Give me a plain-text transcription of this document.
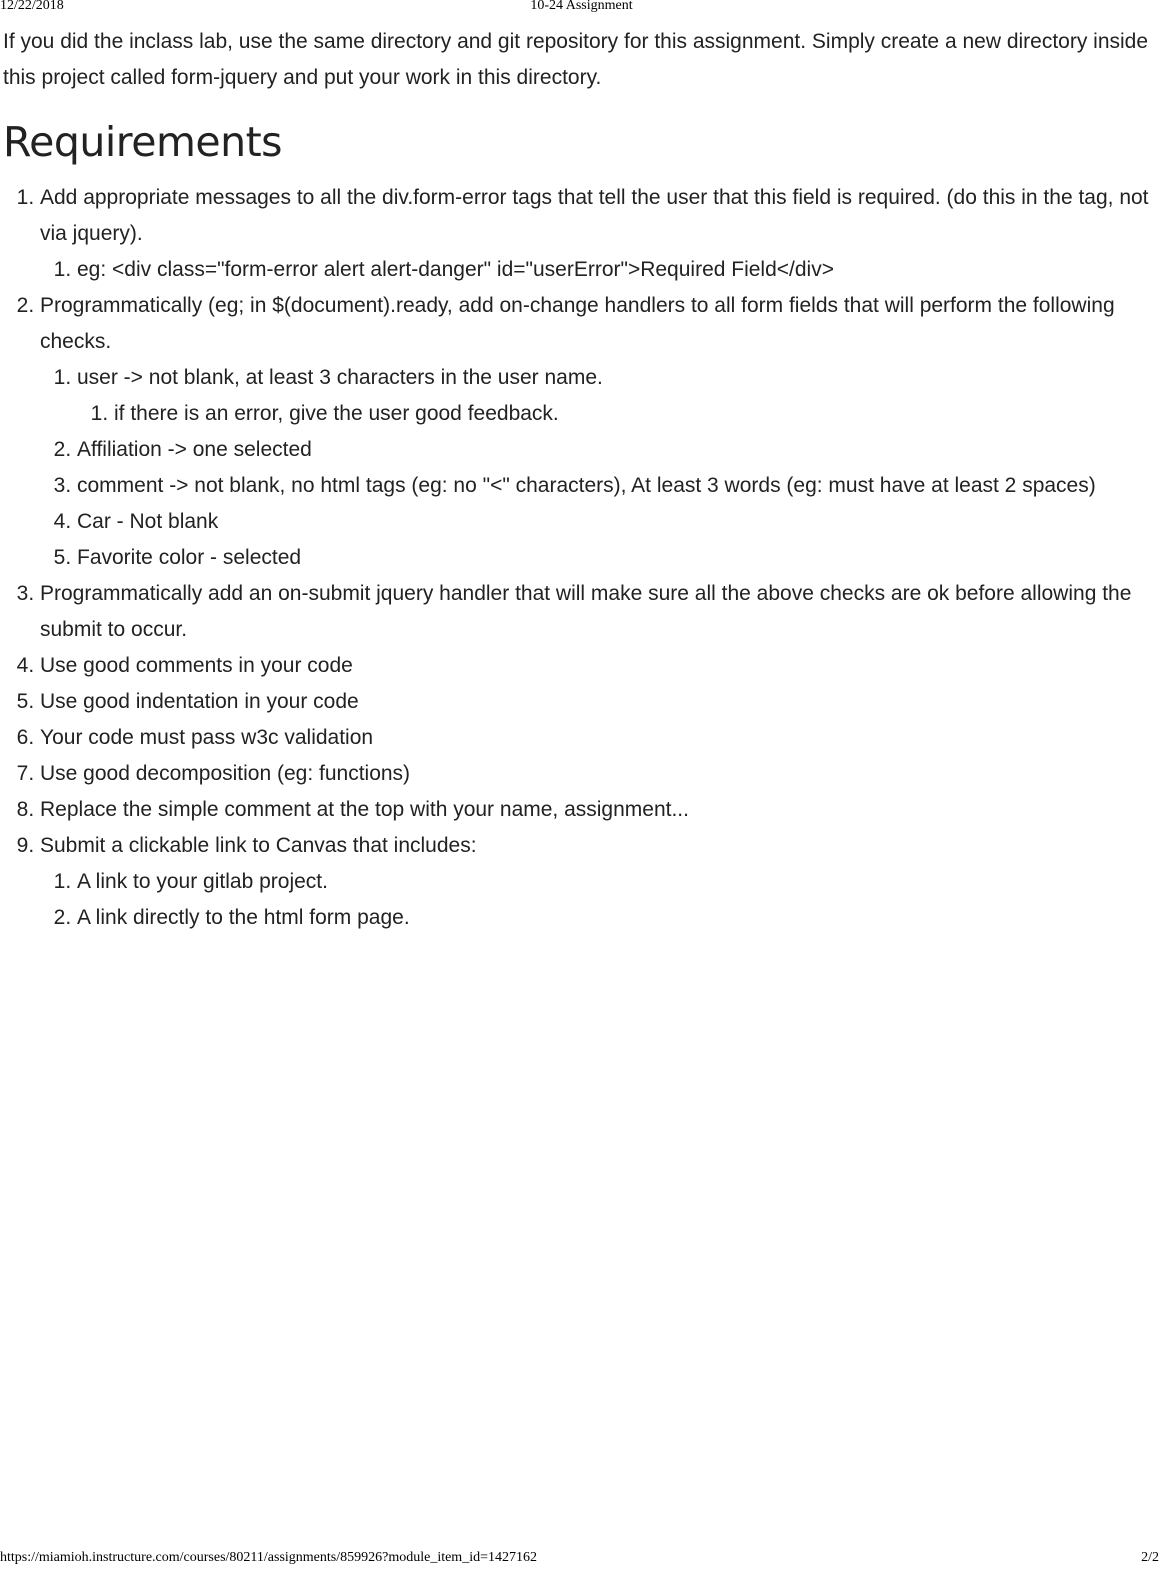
12/22/2018	10-24 Assignment

If you did the inclass lab, use the same directory and git repository for this assignment. Simply create a new directory inside this project called form-jquery and put your work in this directory.

Requirements
1. Add appropriate messages to all the div.form-error tags that tell the user that this field is required. (do this in the tag, not via jquery).
1. eg: <div class="form-error alert alert-danger" id="userError">Required Field</div>
2. Programmatically (eg; in $(document).ready, add on-change handlers to all form fields that will perform the following checks.
1. user -> not blank, at least 3 characters in the user name.
1. if there is an error, give the user good feedback.
2. Affiliation -> one selected
3. comment -> not blank, no html tags (eg: no "<" characters), At least 3 words (eg: must have at least 2 spaces)
4. Car - Not blank
5. Favorite color - selected
3. Programmatically add an on-submit jquery handler that will make sure all the above checks are ok before allowing the submit to occur.
4. Use good comments in your code
5. Use good indentation in your code
6. Your code must pass w3c validation
7. Use good decomposition (eg: functions)
8. Replace the simple comment at the top with your name, assignment...
9. Submit a clickable link to Canvas that includes:
1. A link to your gitlab project.
2. A link directly to the html form page.
https://miamioh.instructure.com/courses/80211/assignments/859926?module_item_id=1427162	2/2
